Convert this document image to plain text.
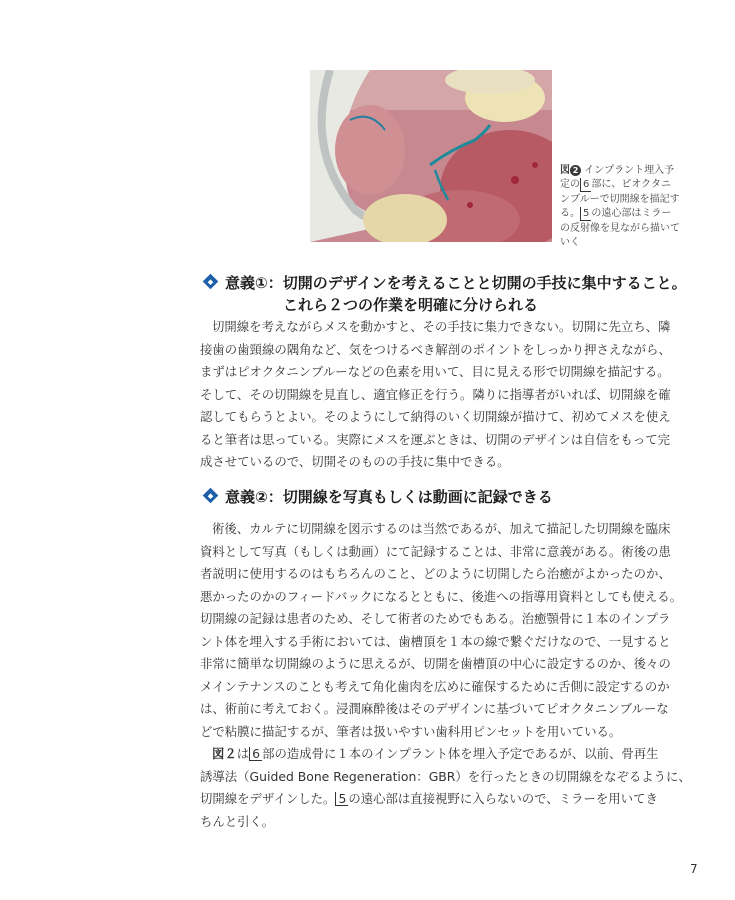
図 2 インプラント埋入予定の 6 部に、ピオクタニンブルーで切開線を描記する。 5 の遠心部はミラーの反射像を見ながら描いていく
意義①：切開のデザインを考えることと切開の手技に集中すること。
これら２つの作業を明確に分けられる
切開線を考えながらメスを動かすと、その手技に集力できない。切開に先立ち、隣
接歯の歯頸線の隅角など、気をつけるべき解剖のポイントをしっかり押さえながら、
まずはピオクタニンブルーなどの色素を用いて、目に見える形で切開線を描記する。
そして、その切開線を見直し、適宜修正を行う。隣りに指導者がいれば、切開線を確
認してもらうとよい。そのようにして納得のいく切開線が描けて、初めてメスを使え
ると筆者は思っている。実際にメスを運ぶときは、切開のデザインは自信をもって完
成させているので、切開そのものの手技に集中できる。
意義②：切開線を写真もしくは動画に記録できる
術後、カルテに切開線を図示するのは当然であるが、加えて描記した切開線を臨床
資料として写真（もしくは動画）にて記録することは、非常に意義がある。術後の患
者説明に使用するのはもちろんのこと、どのように切開したら治癒がよかったのか、
悪かったのかのフィードバックになるとともに、後進への指導用資料としても使える。
切開線の記録は患者のため、そして術者のためでもある。治癒顎骨に１本のインプラ
ント体を埋入する手術においては、歯槽頂を１本の線で繋ぐだけなので、一見すると
非常に簡単な切開線のように思えるが、切開を歯槽頂の中心に設定するのか、後々の
メインテナンスのことも考えて角化歯肉を広めに確保するために舌側に設定するのか
は、術前に考えておく。浸潤麻酔後はそのデザインに基づいてピオクタニンブルーな
どで粘膜に描記するが、筆者は扱いやすい歯科用ピンセットを用いている。
図２は 6 部の造成骨に１本のインプラント体を埋入予定であるが、以前、骨再生
誘導法（Guided Bone Regeneration：GBR）を行ったときの切開線をなぞるように、
切開線をデザインした。 5 の遠心部は直接視野に入らないので、ミラーを用いてき
ちんと引く。
7
